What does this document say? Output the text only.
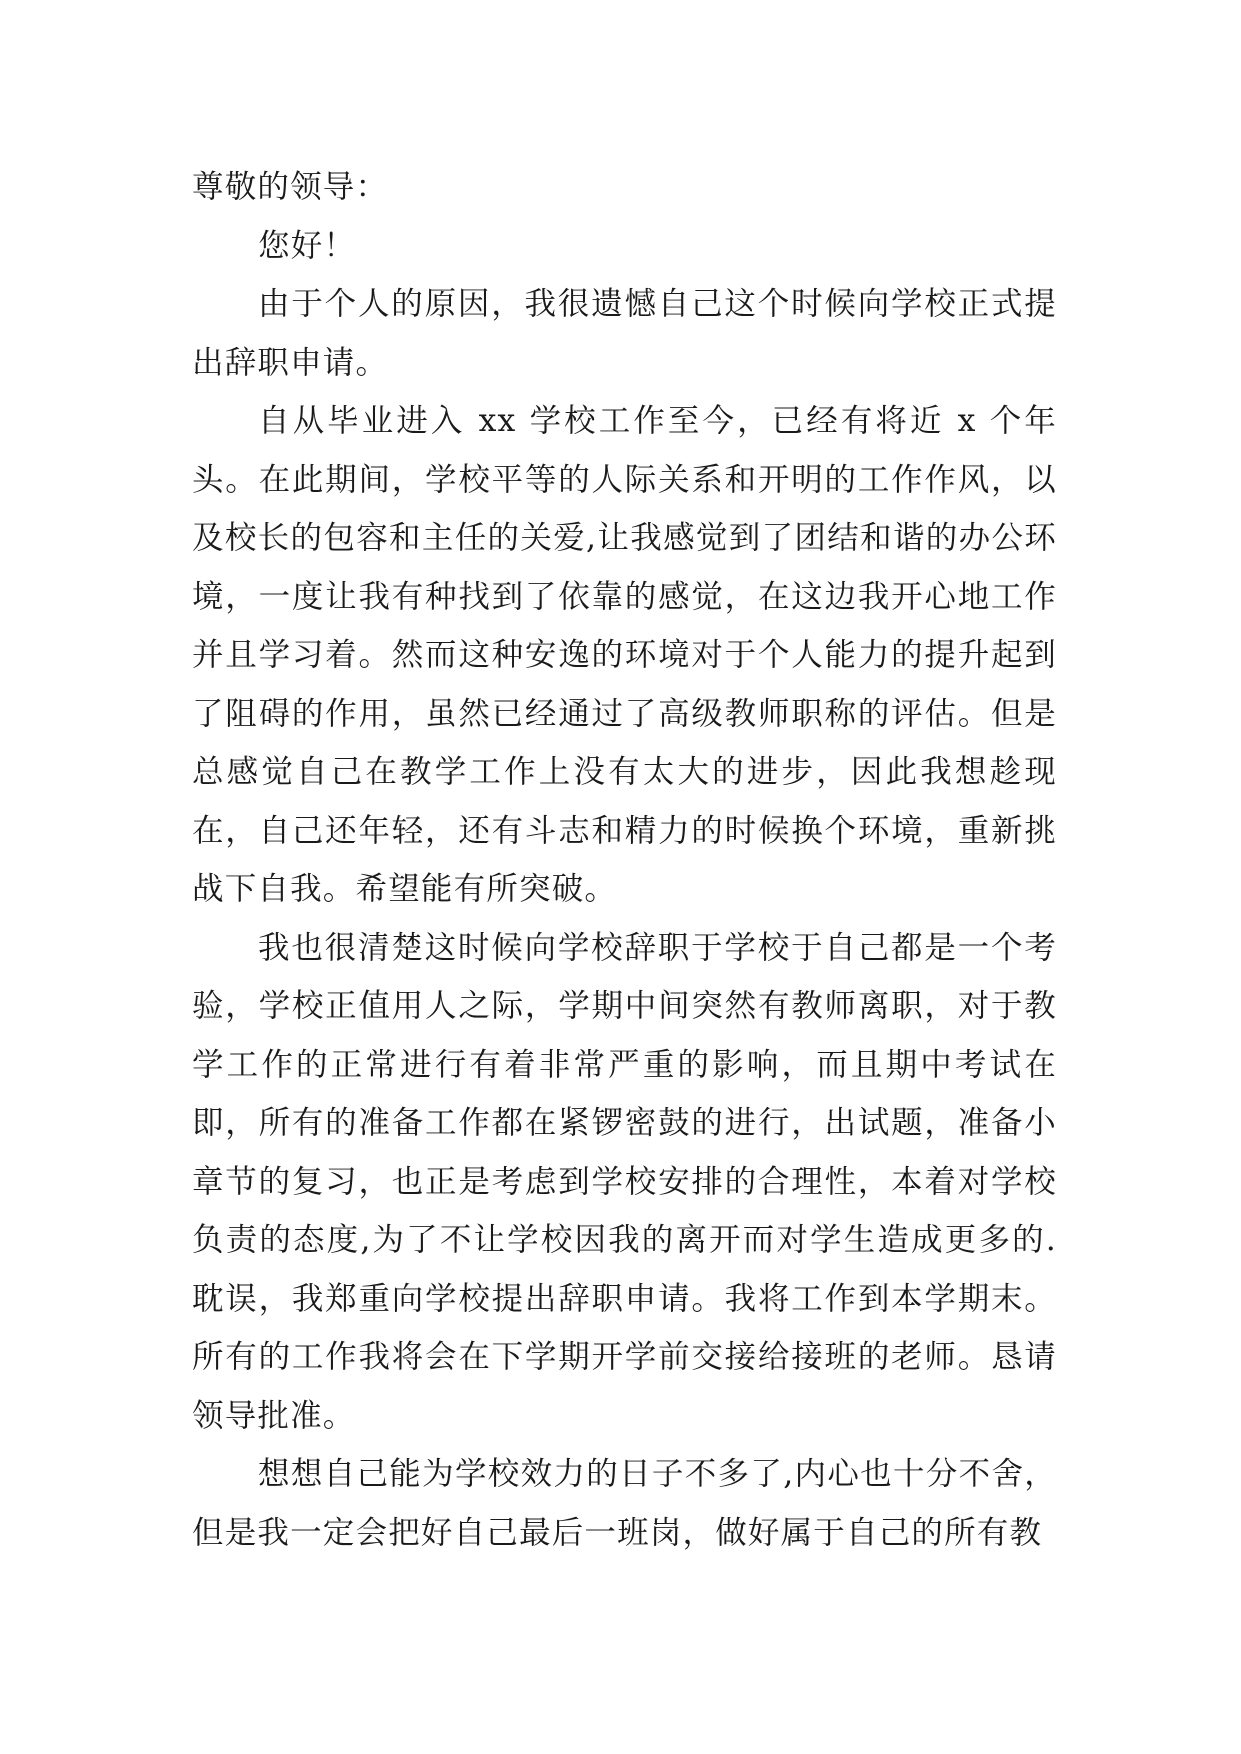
尊敬的领导：

您好！

由于个人的原因，我很遗憾自己这个时候向学校正式提出辞职申请。

自从毕业进入 xx 学校工作至今，已经有将近 x 个年头。在此期间，学校平等的人际关系和开明的工作作风，以及校长的包容和主任的关爱,让我感觉到了团结和谐的办公环境，一度让我有种找到了依靠的感觉，在这边我开心地工作并且学习着。然而这种安逸的环境对于个人能力的提升起到了阻碍的作用，虽然已经通过了高级教师职称的评估。但是总感觉自己在教学工作上没有太大的进步，因此我想趁现在，自己还年轻，还有斗志和精力的时候换个环境，重新挑战下自我。希望能有所突破。

我也很清楚这时候向学校辞职于学校于自己都是一个考验，学校正值用人之际，学期中间突然有教师离职，对于教学工作的正常进行有着非常严重的影响，而且期中考试在即，所有的准备工作都在紧锣密鼓的进行，出试题，准备小章节的复习，也正是考虑到学校安排的合理性，本着对学校负责的态度,为了不让学校因我的离开而对学生造成更多的.耽误，我郑重向学校提出辞职申请。我将工作到本学期末。所有的工作我将会在下学期开学前交接给接班的老师。恳请领导批准。

想想自己能为学校效力的日子不多了,内心也十分不舍，但是我一定会把好自己最后一班岗，做好属于自己的所有教
